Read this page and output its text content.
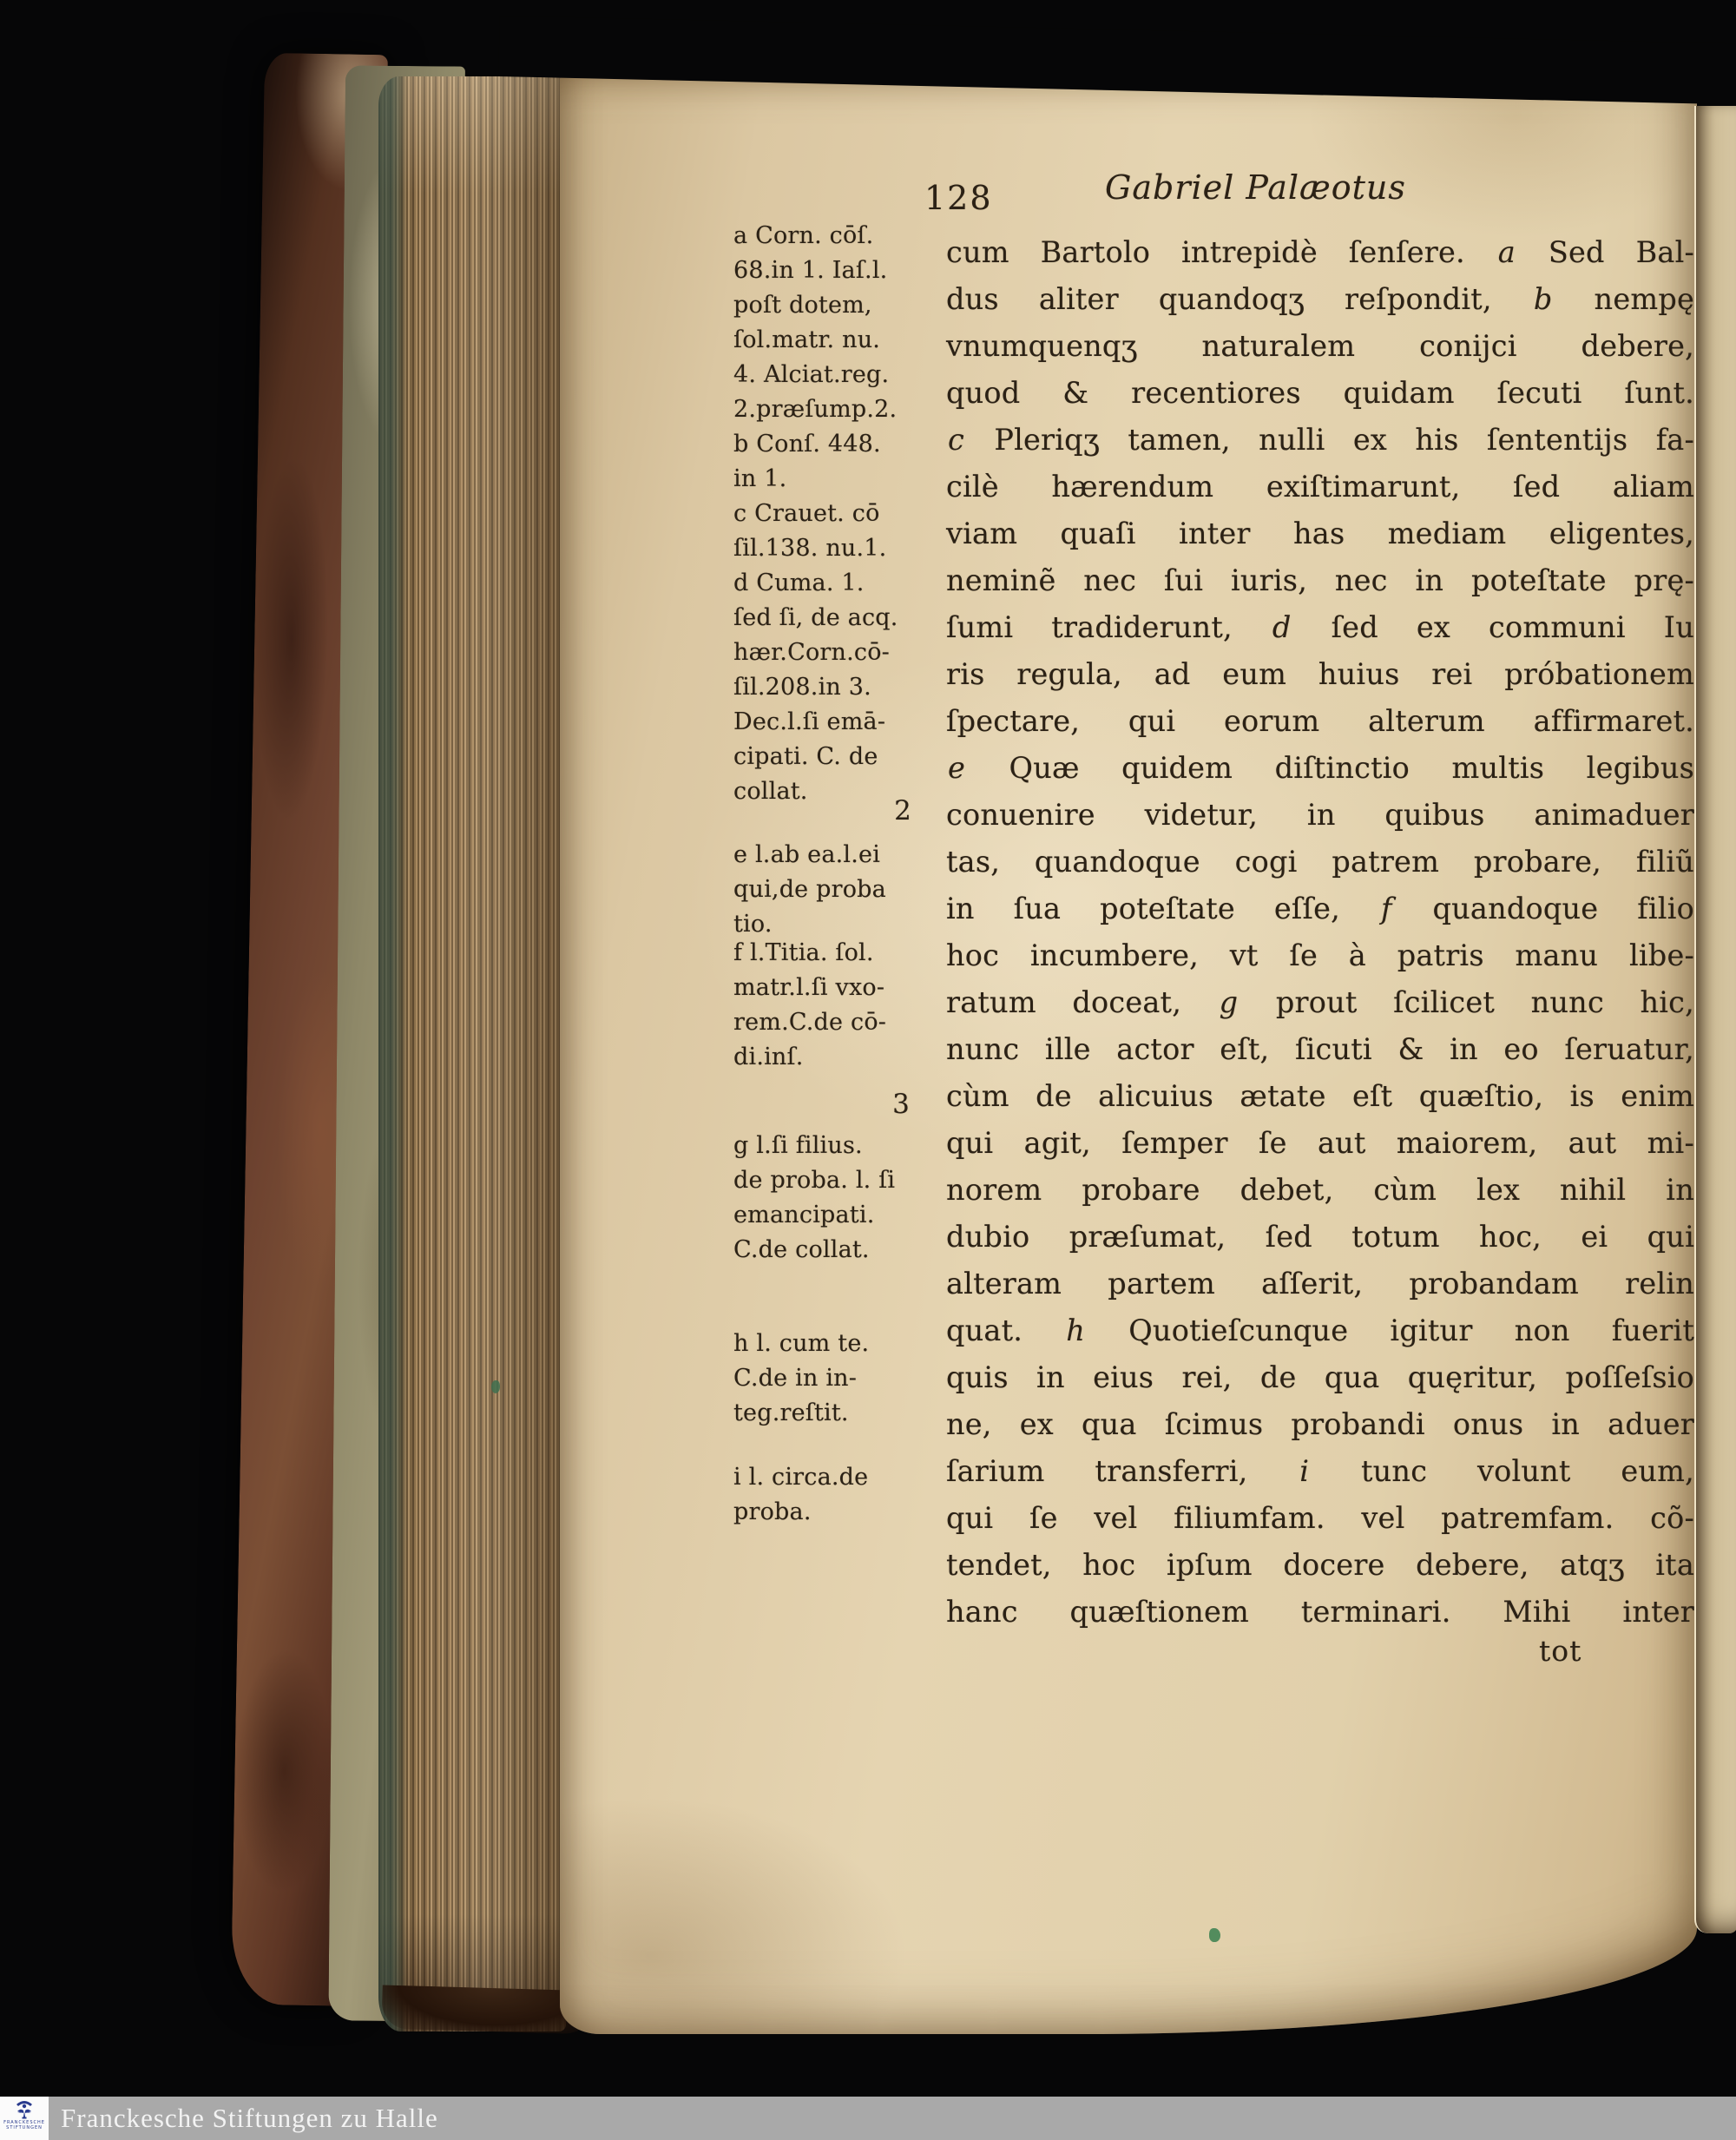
128	Gabriel Palæotus
a Corn. cōſ.
68.in 1. Iaſ.l.
poſt dotem,
ſol.matr. nu.
4. Alciat.reg.
2.præſump.2.
b Conſ. 448.
in 1.
c Crauet. cō
ſil.138. nu.1.
d Cuma. 1.
ſed ſi, de acq.
hær.Corn.cō-
ſil.208.in 3.
Dec.l.ſi emā-
cipati. C. de
collat.
2
e l.ab ea.l.ei
qui,de proba
tio.
f l.Titia. ſol.
matr.l.ſi vxo-
rem.C.de cō-
di.inſ.
3
g l.ſi filius.
de proba. l. ſi
emancipati.
C.de collat.
h l. cum te.
C.de in in-
teg.reſtit.
i l. circa.de
proba.
cum Bartolo intrepidè ſenſere. a Sed Bal-
dus aliter quandoqʒ reſpondit, b nempę
vnumquenqʒ naturalem conijci debere,
quod & recentiores quidam ſecuti ſunt.
c Pleriqʒ tamen, nulli ex his ſententijs fa-
cilè hærendum exiſtimarunt, ſed aliam
viam quaſi inter has mediam eligentes,
neminẽ nec ſui iuris, nec in poteſtate prę-
ſumi tradiderunt, d ſed ex communi Iu
ris regula, ad eum huius rei próbationem
ſpectare, qui eorum alterum affirmaret.
e Quæ quidem diſtinctio multis legibus
conuenire videtur, in quibus animaduer
tas, quandoque cogi patrem probare, filiũ
in ſua poteſtate eſſe, f quandoque filio
hoc incumbere, vt ſe à patris manu libe-
ratum doceat, g prout ſcilicet nunc hic,
nunc ille actor eſt, ſicuti & in eo ſeruatur,
cùm de alicuius ætate eſt quæſtio, is enim
qui agit, ſemper ſe aut maiorem, aut mi-
norem probare debet, cùm lex nihil in
dubio præſumat, ſed totum hoc, ei qui
alteram partem aſſerit, probandam relin
quat. h Quotieſcunque igitur non fuerit
quis in eius rei, de qua quęritur, poſſeſsio
ne, ex qua ſcimus probandi onus in aduer
ſarium transferri, i tunc volunt eum,
qui ſe vel filiumfam. vel patremfam. cõ-
tendet, hoc ipſum docere debere, atqʒ ita
hanc quæſtionem terminari. Mihi inter
tot
FRANCKESCHE
STIFTUNGEN Franckesche Stiftungen zu Halle
